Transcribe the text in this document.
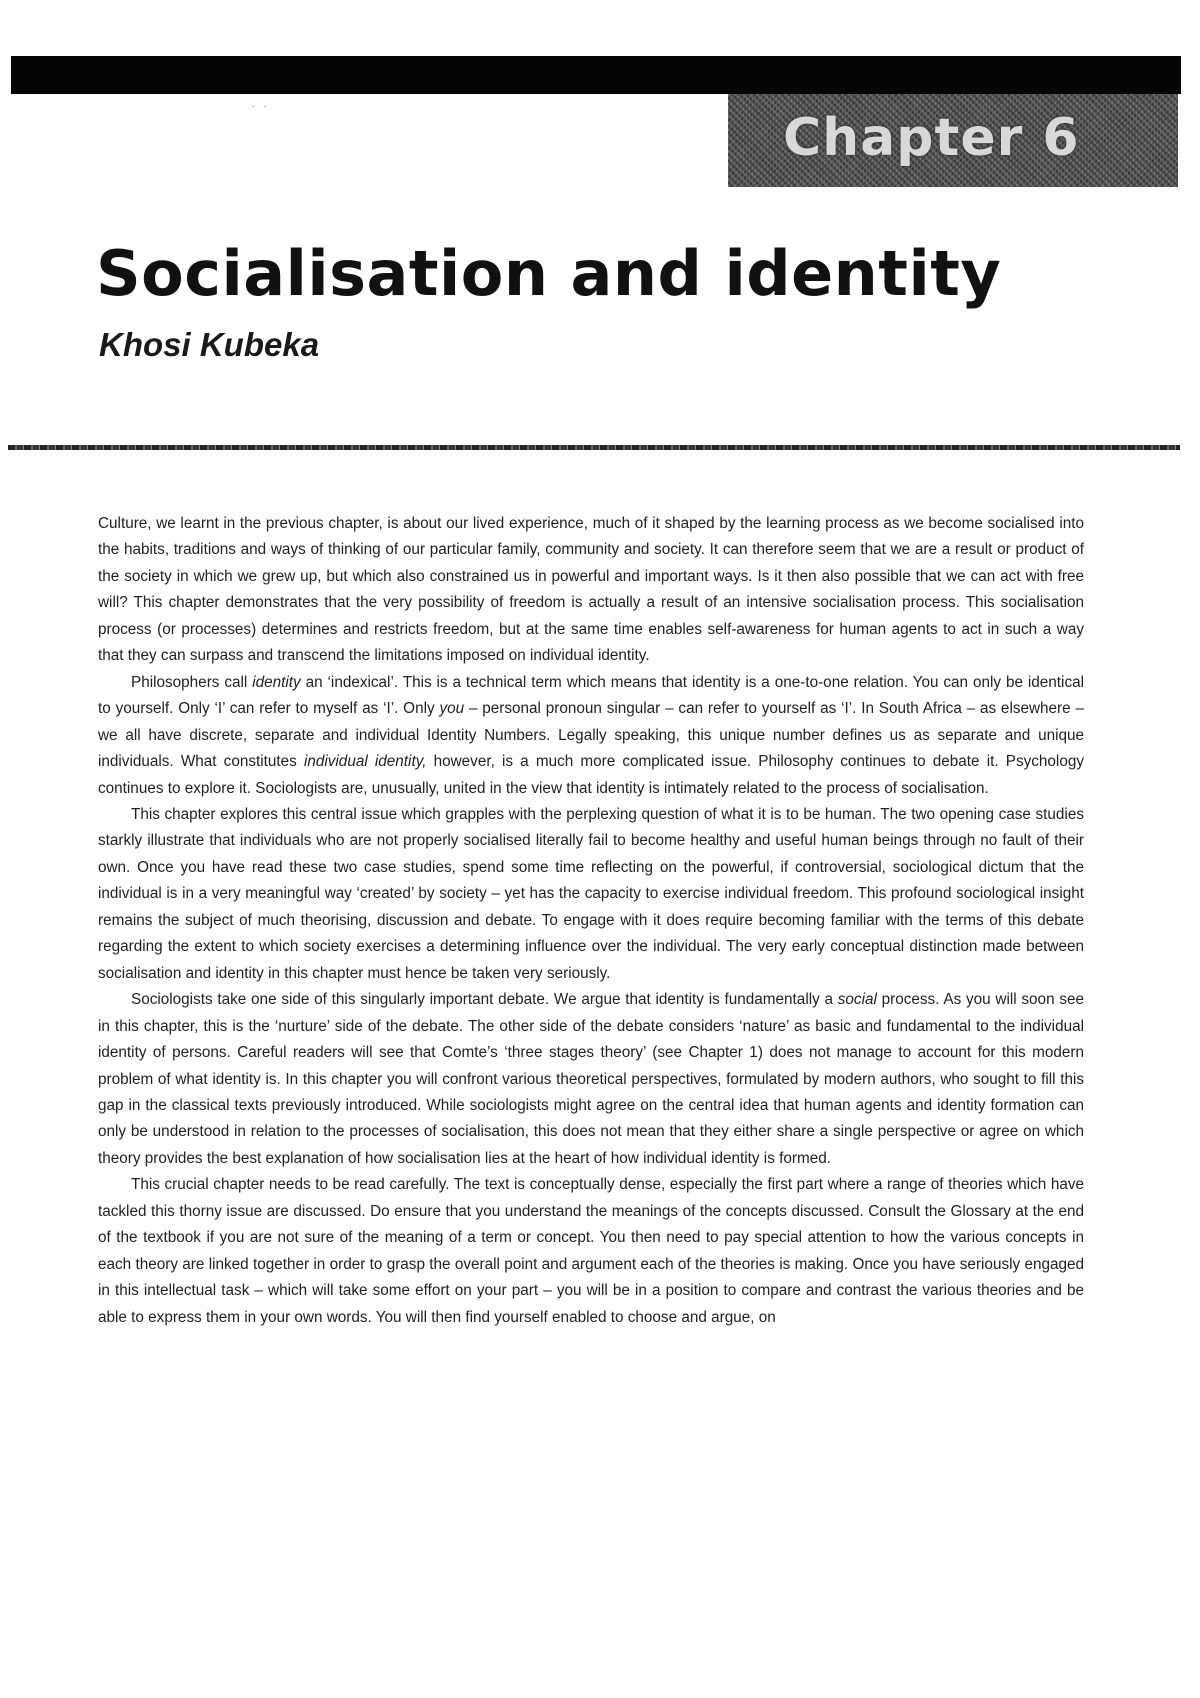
Chapter 6
. .
Socialisation and identity
Khosi Kubeka

Culture, we learnt in the previous chapter, is about our lived experience, much of it shaped by the learning process as we become socialised into the habits, traditions and ways of thinking of our particular family, community and society. It can therefore seem that we are a result or product of the society in which we grew up, but which also constrained us in powerful and important ways. Is it then also possible that we can act with free will? This chapter demonstrates that the very possibility of freedom is actually a result of an intensive socialisation process. This socialisation process (or processes) determines and restricts freedom, but at the same time enables self-awareness for human agents to act in such a way that they can surpass and transcend the limitations imposed on individual identity.

Philosophers call identity an ‘indexical’. This is a technical term which means that identity is a one-to-one relation. You can only be identical to yourself. Only ‘I’ can refer to myself as ‘I’. Only you – personal pronoun singular – can refer to yourself as ‘I’. In South Africa – as elsewhere – we all have discrete, separate and individual Identity Numbers. Legally speaking, this unique number defines us as separate and unique individuals. What constitutes individual identity, however, is a much more complicated issue. Philosophy continues to debate it. Psychology continues to explore it. Sociologists are, unusually, united in the view that identity is intimately related to the process of socialisation.

This chapter explores this central issue which grapples with the perplexing question of what it is to be human. The two opening case studies starkly illustrate that individuals who are not properly socialised literally fail to become healthy and useful human beings through no fault of their own. Once you have read these two case studies, spend some time reflecting on the powerful, if controversial, sociological dictum that the individual is in a very meaningful way ‘created’ by society – yet has the capacity to exercise individual freedom. This profound sociological insight remains the subject of much theorising, discussion and debate. To engage with it does require becoming familiar with the terms of this debate regarding the extent to which society exercises a determining influence over the individual. The very early conceptual distinction made between socialisation and identity in this chapter must hence be taken very seriously.

Sociologists take one side of this singularly important debate. We argue that identity is fundamentally a social process. As you will soon see in this chapter, this is the ‘nurture’ side of the debate. The other side of the debate considers ‘nature’ as basic and fundamental to the individual identity of persons. Careful readers will see that Comte’s ‘three stages theory’ (see Chapter 1) does not manage to account for this modern problem of what identity is. In this chapter you will confront various theoretical perspectives, formulated by modern authors, who sought to fill this gap in the classical texts previously introduced. While sociologists might agree on the central idea that human agents and identity formation can only be understood in relation to the processes of socialisation, this does not mean that they either share a single perspective or agree on which theory provides the best explanation of how socialisation lies at the heart of how individual identity is formed.

This crucial chapter needs to be read carefully. The text is conceptually dense, especially the first part where a range of theories which have tackled this thorny issue are discussed. Do ensure that you understand the meanings of the concepts discussed. Consult the Glossary at the end of the textbook if you are not sure of the meaning of a term or concept. You then need to pay special attention to how the various concepts in each theory are linked together in order to grasp the overall point and argument each of the theories is making. Once you have seriously engaged in this intellectual task – which will take some effort on your part – you will be in a position to compare and contrast the various theories and be able to express them in your own words. You will then find yourself enabled to choose and argue, on
